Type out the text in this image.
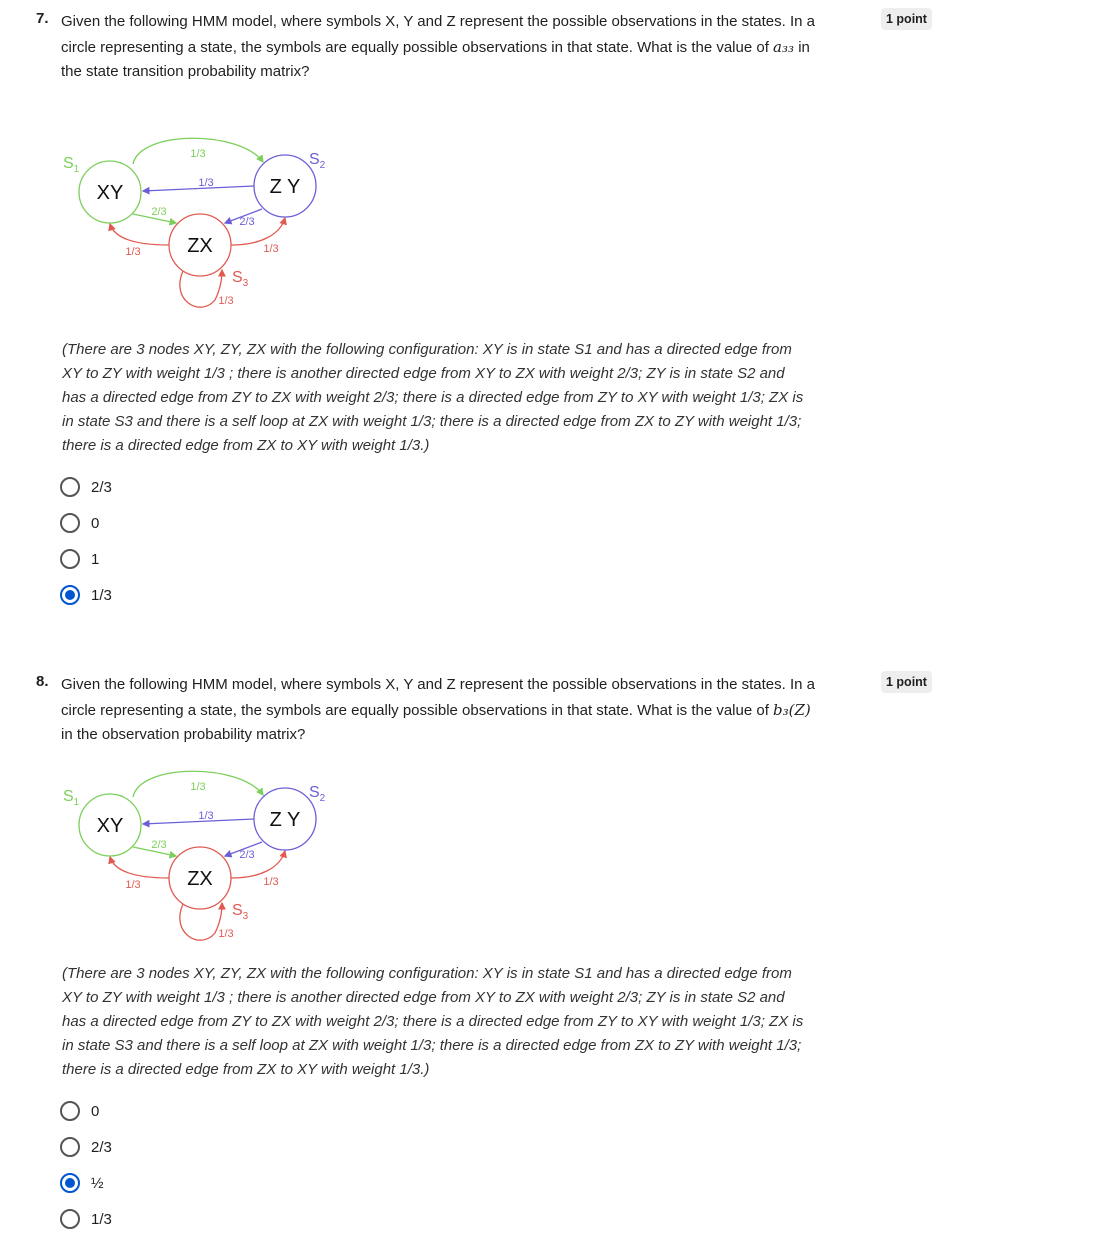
7. Given the following HMM model, where symbols X, Y and Z represent the possible observations in the states. In a circle representing a state, the symbols are equally possible observations in that state. What is the value of a₃₃ in the state transition probability matrix?
1 point
XY	Z Y
ZX
$S_1$
$S_2$
$S_3$
1/3
1/3
2/3
2/3
1/3	1/3
1/3
(There are 3 nodes XY, ZY, ZX with the following configuration: XY is in state S1 and has a directed edge from XY to ZY with weight 1/3 ; there is another directed edge from XY to ZX with weight 2/3; ZY is in state S2 and has a directed edge from ZY to ZX with weight 2/3; there is a directed edge from ZY to XY with weight 1/3; ZX is in state S3 and there is a self loop at ZX with weight 1/3; there is a directed edge from ZX to ZY with weight 1/3; there is a directed edge from ZX to XY with weight 1/3.)
2/3
0
1
1/3
8. Given the following HMM model, where symbols X, Y and Z represent the possible observations in the states. In a circle representing a state, the symbols are equally possible observations in that state. What is the value of b₃(Z) in the observation probability matrix?
1 point
XY	Z Y
ZX
$S_1$
$S_2$
$S_3$
1/3
1/3
2/3
2/3
1/3	1/3
1/3
(There are 3 nodes XY, ZY, ZX with the following configuration: XY is in state S1 and has a directed edge from XY to ZY with weight 1/3 ; there is another directed edge from XY to ZX with weight 2/3; ZY is in state S2 and has a directed edge from ZY to ZX with weight 2/3; there is a directed edge from ZY to XY with weight 1/3; ZX is in state S3 and there is a self loop at ZX with weight 1/3; there is a directed edge from ZX to ZY with weight 1/3; there is a directed edge from ZX to XY with weight 1/3.)
0
2/3
½
1/3
